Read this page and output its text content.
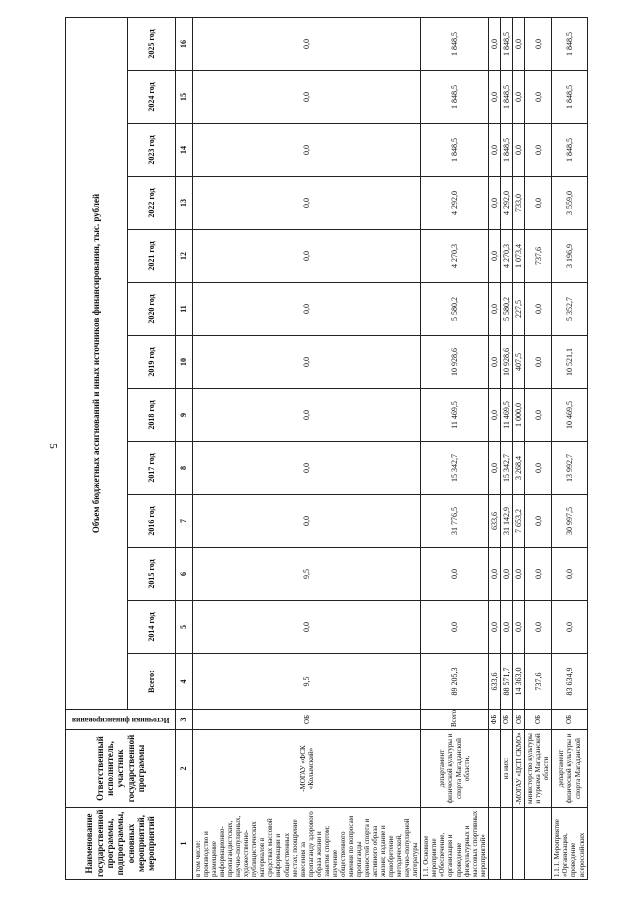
5
Наименование государственной программы, подпрограммы, основных мероприятий, мероприятий	Ответственный исполнитель, участник государственной программы	Источники финансирования	Объем бюджетных ассигнований и иных источников финансирования, тыс. рублей												
			Всего:	2014 год	2015 год	2016 год	2017 год	2018 год	2019 год	2020 год	2021 год	2022 год	2023 год	2024 год	2025 год
1	2	3	4	5	6	7	8	9	10	11	12	13	14	15	16
в том числе: производство и размещение информационно-пропагандистских, научно-популярных, художественно-публицистических материалов в средствах массовой информации и общественных местах; поощрение внесения за пропаганду здорового образа жизни и занятия спортом; изучение общественного мнения по вопросам пропаганды ценностей спорта и активного образа жизни; издание и приобретение методической, научно-популярной литературы	-МОГАУ «ФСК «Колымский»	ОБ	9,5	0,0	9,5	0,0	0,0	0,0	0,0	0,0	0,0	0,0	0,0	0,0	0,0
1.1. Основное мероприятие «Обеспечение, организация и проведение физкультурных и массовых спортивных мероприятий»	департамент физической культуры и спорта Магаданской области,	Всего	89 205,3	0,0	0,0	31 776,5	15 342,7	11 469,5	10 928,6	5 580,2	4 270,3	4 292,0	1 848,5	1 848,5	1 848,5
		ФБ	633,6	0,0	0,0	633,6	0,0	0,0	0,0	0,0	0,0	0,0	0,0	0,0	0,0
	из них:	ОБ	88 571,7	0,0	0,0	31 142,9	15 342,7	11 469,5	10 928,6	5 580,2	4 270,3	4 292,0	1 848,5	1 848,5	1 848,5
	-МОГАУ «ЦСП СКМО»	ОБ	14 363,0	0,0	0,0	7 653,2	3 268,4	1 000,0	407,5	227,5	1 073,4	733,0	0,0	0,0	0,0
	министерство культуры и туризма Магаданской области	ОБ	737,6	0,0	0,0	0,0	0,0	0,0	0,0	0,0	737,6	0,0	0,0	0,0	0,0
1.1.1. Мероприятие «Организация, проведение всероссийских	департамент физической культуры и спорта Магаданской	ОБ	83 634,9	0,0	0,0	30 997,5	13 992,7	10 469,5	10 521,1	5 352,7	3 196,9	3 559,0	1 848,5	1 848,5	1 848,5
